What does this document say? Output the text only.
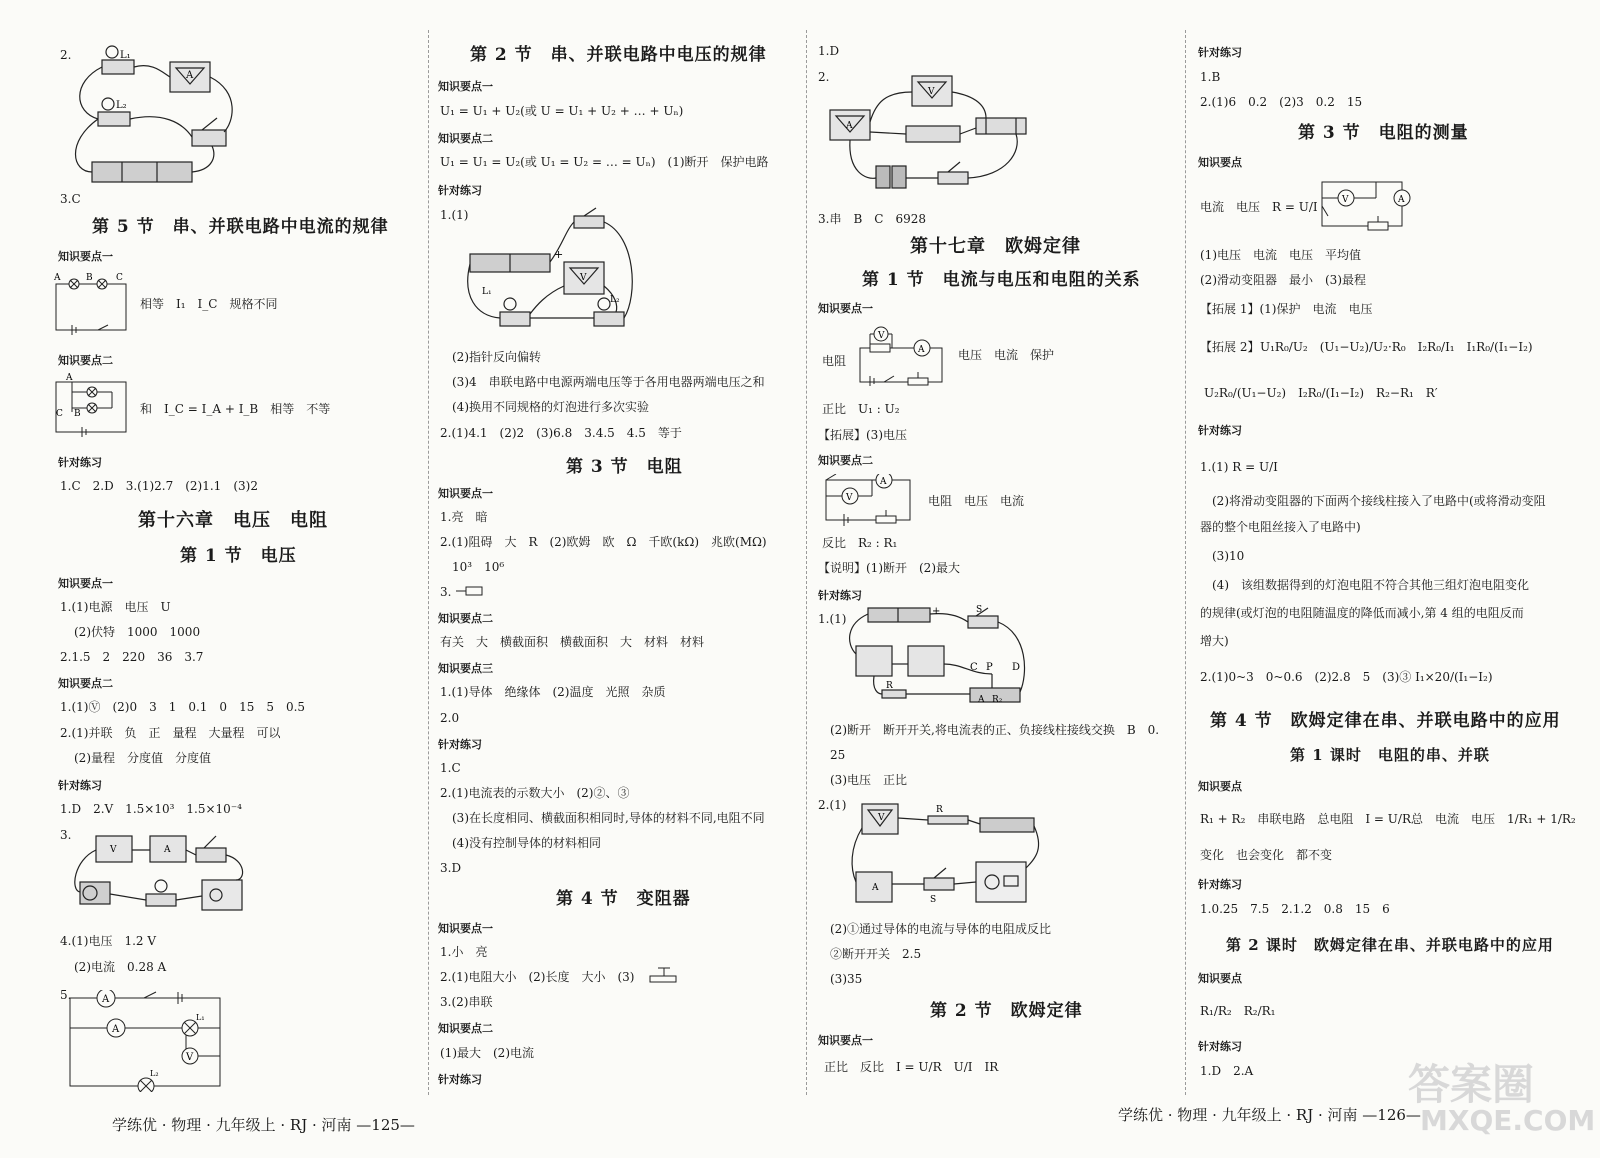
2.	L₁
L₂
A
3.C
第 5 节　串、并联电路中电流的规律
知识要点一
A	B	C
相等　I₁　I_C　规格不同
知识要点二
A
C B	和　I_C = I_A + I_B　相等　不等
针对练习
1.C　2.D　3.(1)2.7　(2)1.1　(3)2
第十六章　电压　电阻
第 1 节　电压
知识要点一
1.(1)电源　电压　U
(2)伏特　1000　1000
2.1.5　2　220　36　3.7
知识要点二
1.(1)Ⓥ　(2)0　3　1　0.1　0　15　5　0.5
2.(1)并联　负　正　量程　大量程　可以
(2)量程　分度值　分度值
针对练习
1.D　2.V　1.5×10³　1.5×10⁻⁴
3.
V	A
4.(1)电压　1.2 V
(2)电流　0.28 A
5.	A
A
V
L₁
L₂
学练优 · 物理 · 九年级上 · RJ · 河南 —125—
第 2 节　串、并联电路中电压的规律
知识要点一
U₁ = U₁ + U₂(或 U = U₁ + U₂ + … + Uₙ)
知识要点二
U₁ = U₁ = U₂(或 U₁ = U₂ = … = Uₙ)　(1)断开　保护电路
针对练习
1.(1)
L₁
L₂
+
V
(2)指针反向偏转
(3)4　串联电路中电源两端电压等于各用电器两端电压之和
(4)换用不同规格的灯泡进行多次实验
2.(1)4.1　(2)2　(3)6.8　3.4.5　4.5　等于
第 3 节　电阻
知识要点一
1.亮　暗
2.(1)阻碍　大　R　(2)欧姆　欧　Ω　千欧(kΩ)　兆欧(MΩ)
10³　10⁶
3.
知识要点二
有关　大　横截面积　横截面积　大　材料　材料
知识要点三
1.(1)导体　绝缘体　(2)温度　光照　杂质
2.0
针对练习
1.C
2.(1)电流表的示数大小　(2)②、③
(3)在长度相同、横截面积相同时,导体的材料不同,电阻不同
(4)没有控制导体的材料相同
3.D
第 4 节　变阻器
知识要点一
1.小　亮
2.(1)电阻大小　(2)长度　大小　(3)
3.(2)串联
知识要点二
(1)最大　(2)电流
针对练习
1.D
2.
V
A
3.串　B　C　6928
第十七章　欧姆定律
第 1 节　电流与电压和电阻的关系
知识要点一
电阻
V
A	电压　电流　保护
正比　U₁ : U₂
【拓展】(3)电压
知识要点二
V
A
电阻　电压　电流
反比　R₂ : R₁
【说明】(1)断开　(2)最大
针对练习
1.(1)
−
+	S
C P D
A R₂
R
(2)断开　断开开关,将电流表的正、负接线柱接线交换　B　0.
25
(3)电压　正比
2.(1)
V
R
A
S
(2)①通过导体的电流与导体的电阻成反比
②断开开关　2.5
(3)35
第 2 节　欧姆定律
知识要点一
正比　反比　I = U/R　U/I　IR
学练优 · 物理 · 九年级上 · RJ · 河南 —126—
针对练习
1.B
2.(1)6　0.2　(2)3　0.2　15
第 3 节　电阻的测量
知识要点
电流　电压　R = U/I	V	A
(1)电压　电流　电压　平均值
(2)滑动变阻器　最小　(3)最程
【拓展 1】(1)保护　电流　电压
【拓展 2】 U₁R₀/U₂　(U₁−U₂)/U₂·R₀　I₂R₀/I₁　I₁R₀/(I₁−I₂)
U₂R₀/(U₁−U₂)　I₂R₀/(I₁−I₂)　R₂−R₁　R′
针对练习
1.(1) R = U/I
(2)将滑动变阻器的下面两个接线柱接入了电路中(或将滑动变阻
器的整个电阻丝接入了电路中)
(3)10
(4)　该组数据得到的灯泡电阻不符合其他三组灯泡电阻变化
的规律(或灯泡的电阻随温度的降低而减小,第 4 组的电阻反而
增大)
2.(1)0~3　0~0.6　(2)2.8　5　(3)③ I₁×20/(I₁−I₂)
第 4 节　欧姆定律在串、并联电路中的应用
第 1 课时　电阻的串、并联
知识要点
R₁ + R₂　串联电路　总电阻　I = U/R总　电流　电压　1/R₁ + 1/R₂
变化　也会变化　都不变
针对练习
1.0.25　7.5　2.1.2　0.8　15　6
第 2 课时　欧姆定律在串、并联电路中的应用
知识要点
R₁/R₂　R₂/R₁
针对练习
1.D　2.A	答案圈
MXQE.COM
